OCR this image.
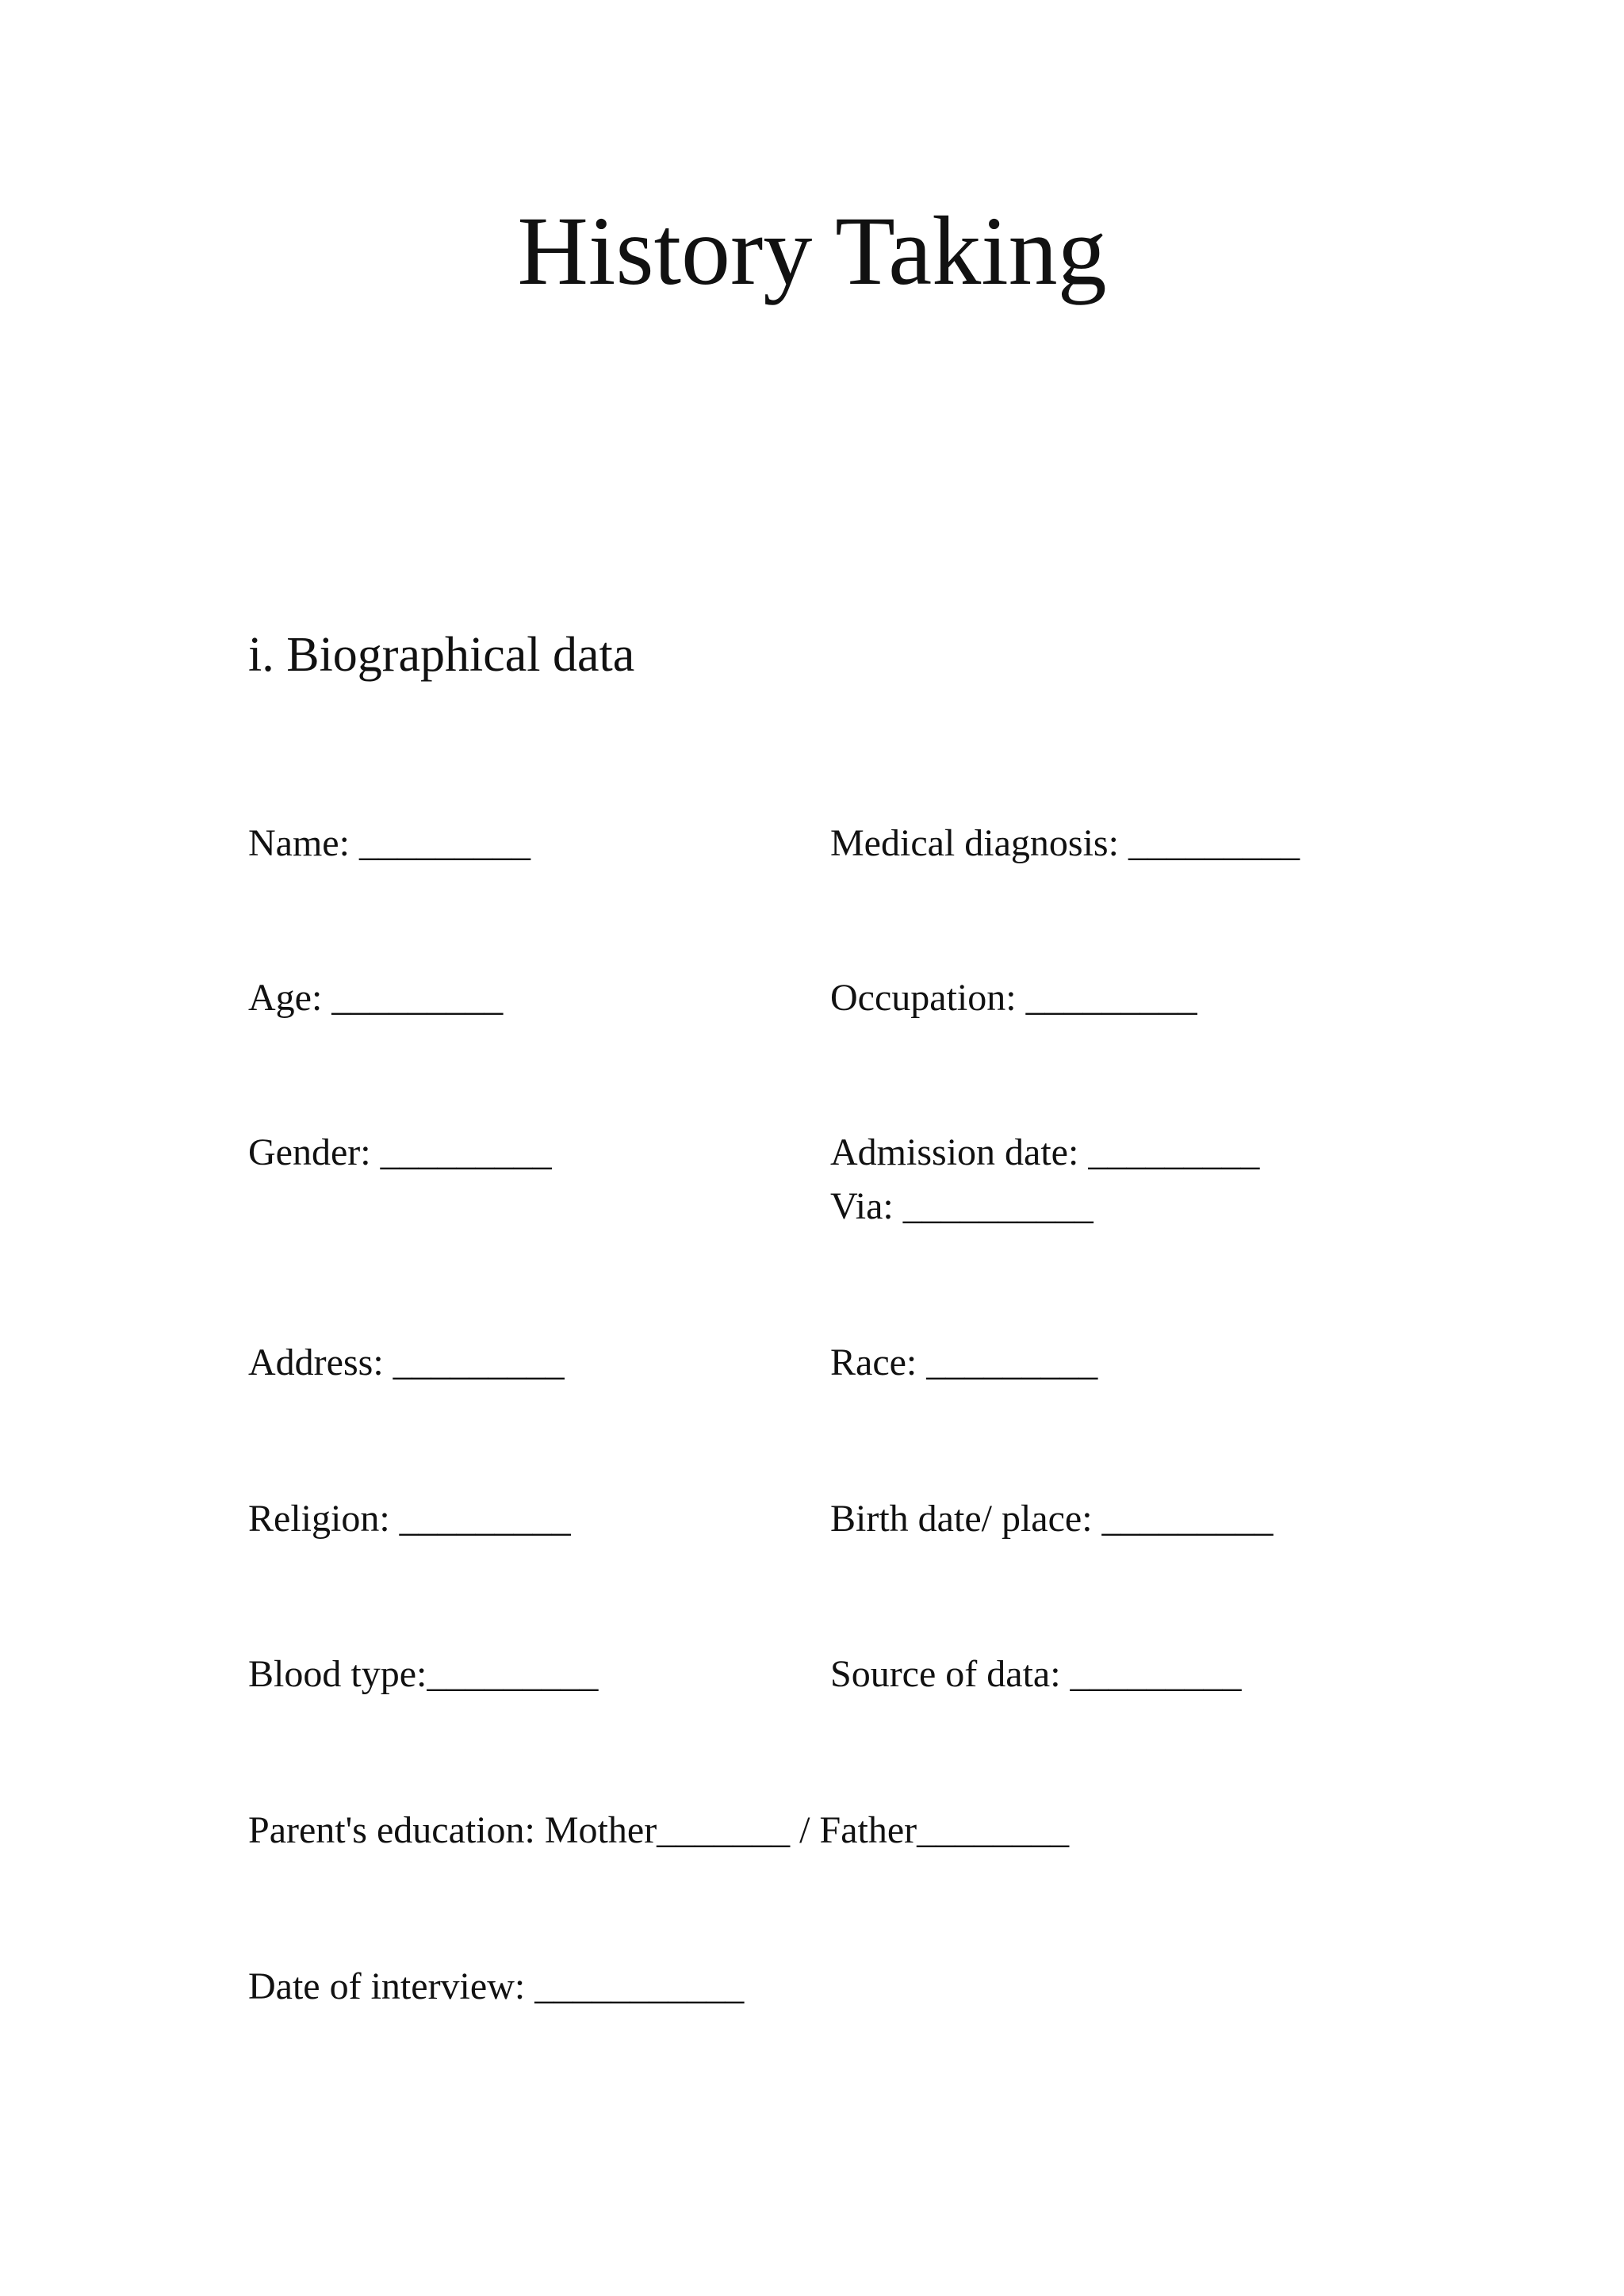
History Taking
i. Biographical data
Name: _________	Medical diagnosis: _________
Age: _________	Occupation: _________
Gender: _________	Admission date: _________
Via: __________
Address: _________	Race: _________
Religion: _________	Birth date/ place: _________
Blood type:_________	Source of data: _________
Parent's education: Mother_______ / Father________
Date of interview: ___________
